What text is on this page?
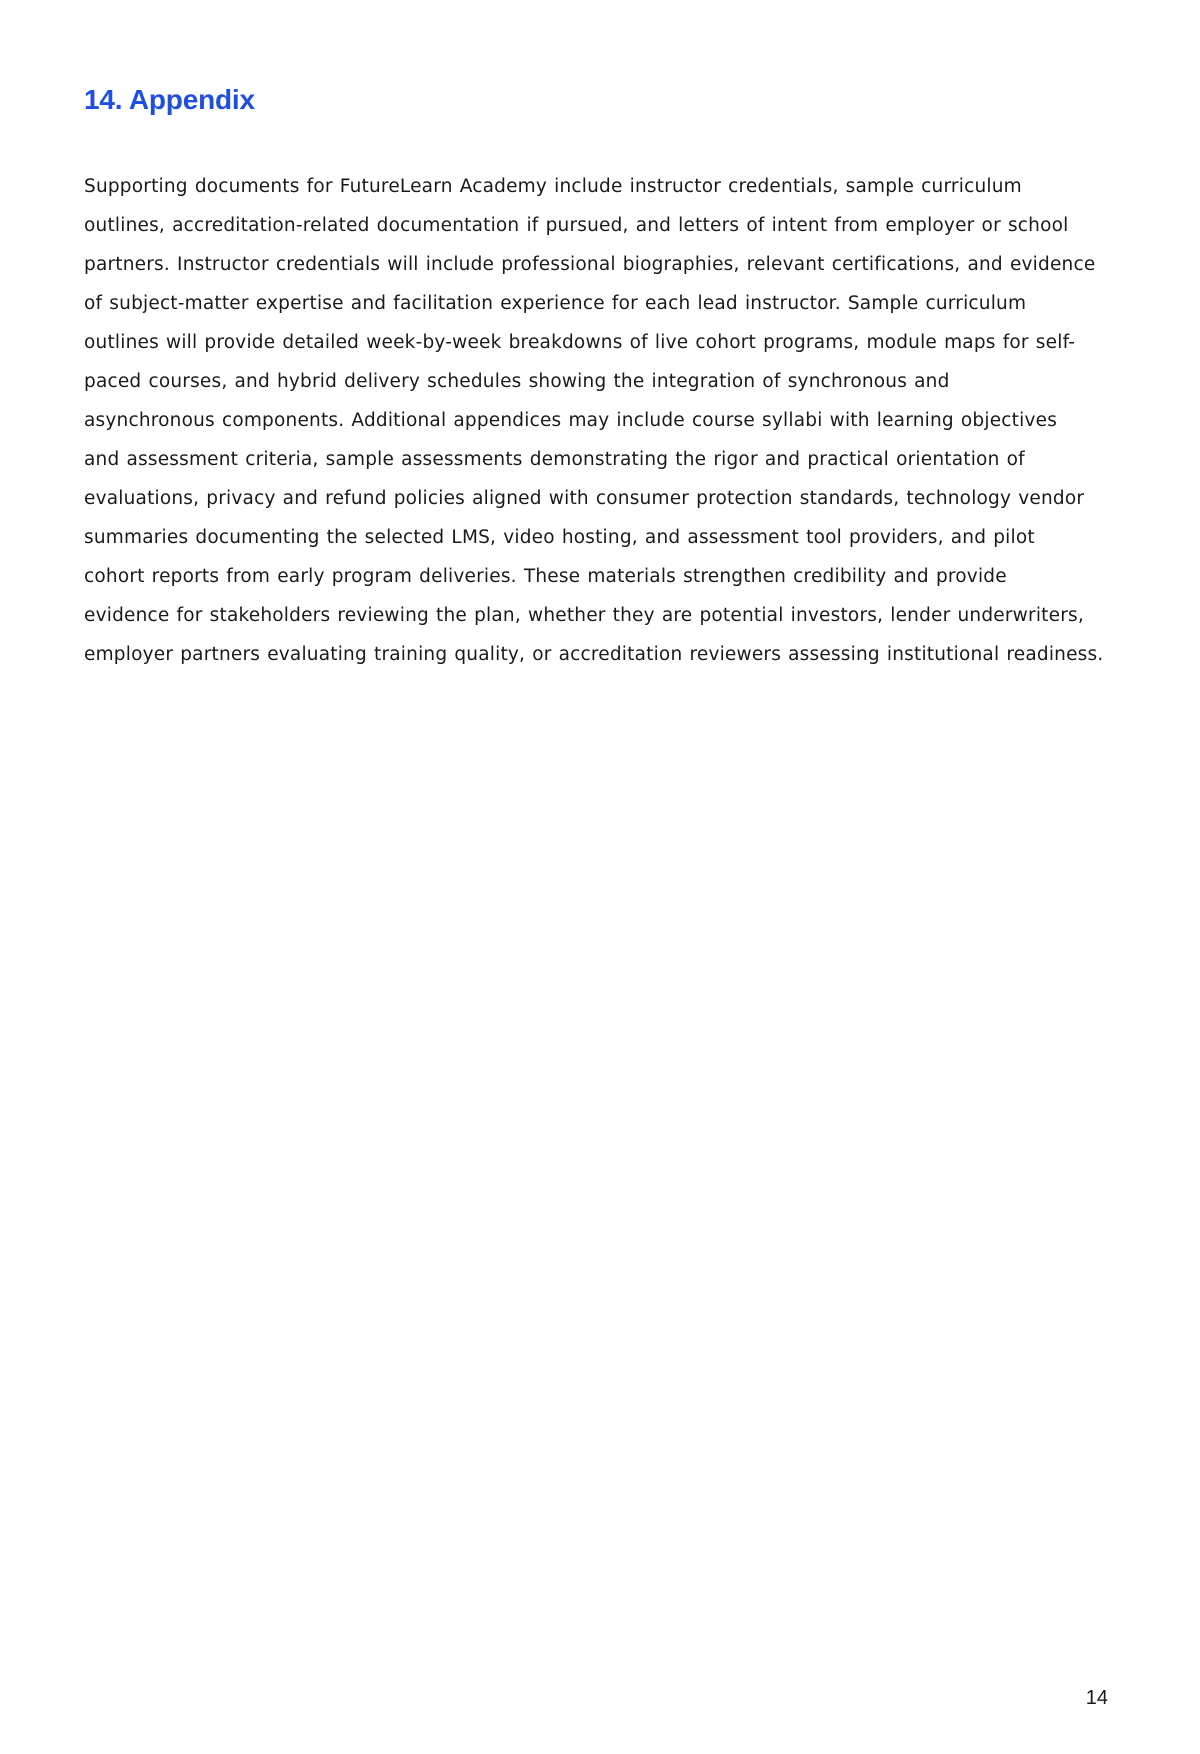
14. Appendix

Supporting documents for FutureLearn Academy include instructor credentials, sample curriculum
outlines, accreditation-related documentation if pursued, and letters of intent from employer or school
partners. Instructor credentials will include professional biographies, relevant certifications, and evidence
of subject-matter expertise and facilitation experience for each lead instructor. Sample curriculum
outlines will provide detailed week-by-week breakdowns of live cohort programs, module maps for self-
paced courses, and hybrid delivery schedules showing the integration of synchronous and
asynchronous components. Additional appendices may include course syllabi with learning objectives
and assessment criteria, sample assessments demonstrating the rigor and practical orientation of
evaluations, privacy and refund policies aligned with consumer protection standards, technology vendor
summaries documenting the selected LMS, video hosting, and assessment tool providers, and pilot
cohort reports from early program deliveries. These materials strengthen credibility and provide
evidence for stakeholders reviewing the plan, whether they are potential investors, lender underwriters,
employer partners evaluating training quality, or accreditation reviewers assessing institutional readiness.

14
